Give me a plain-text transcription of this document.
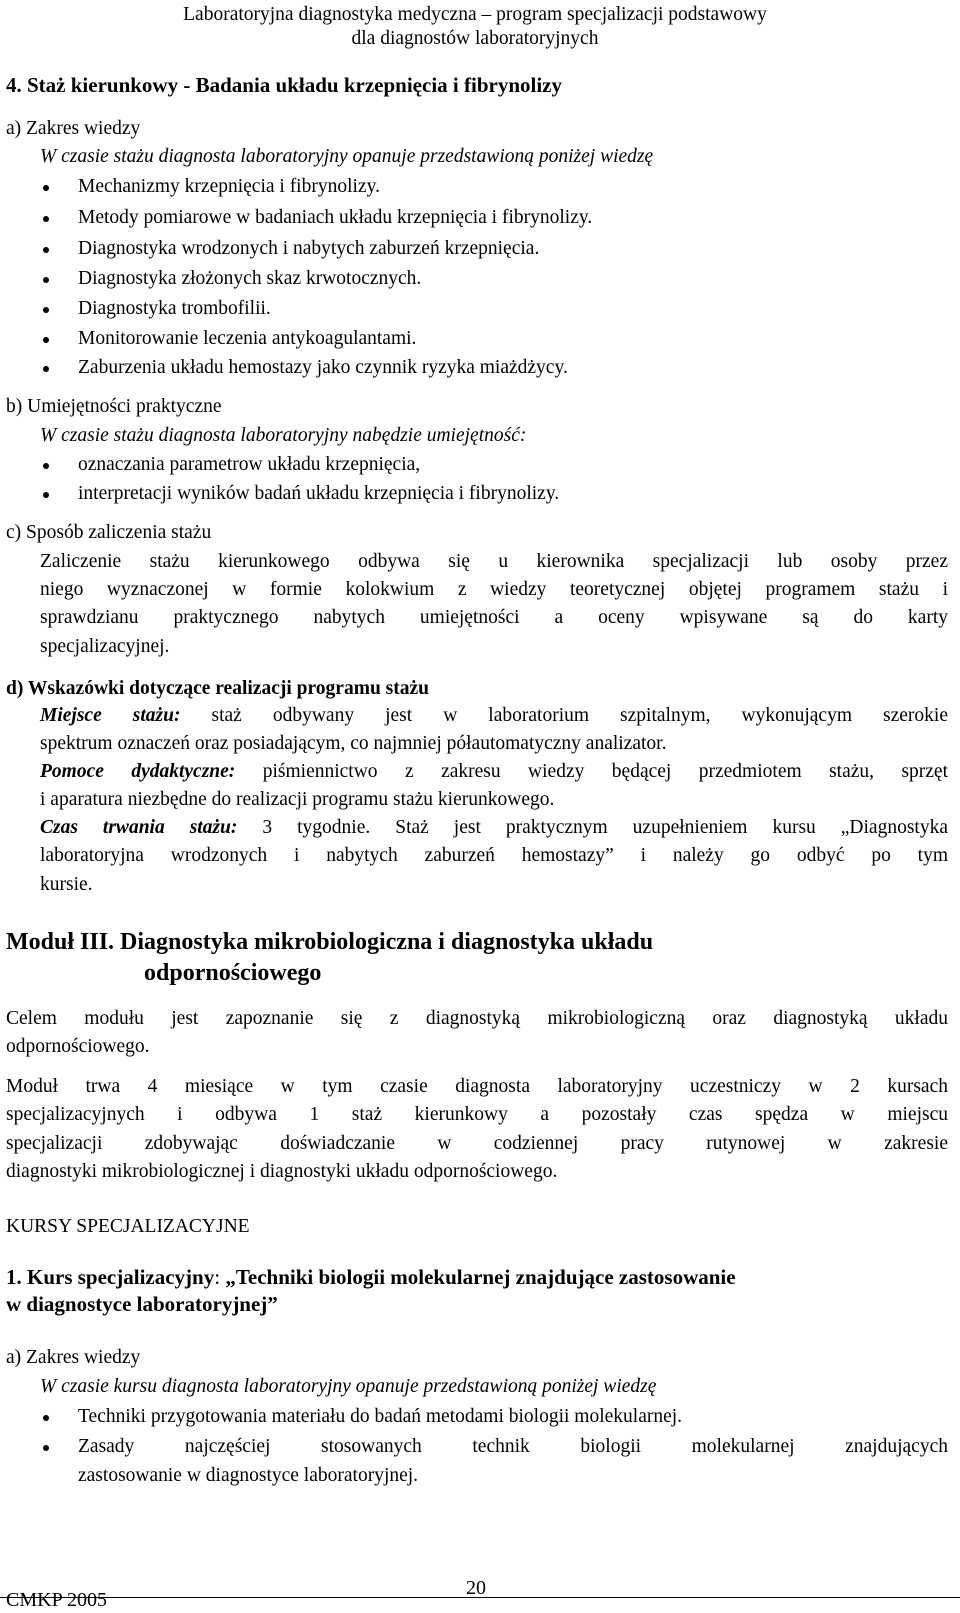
Laboratoryjna diagnostyka medyczna – program specjalizacji podstawowy
dla diagnostów laboratoryjnych
4. Staż kierunkowy - Badania układu krzepnięcia i fibrynolizy
a) Zakres wiedzy
W czasie stażu diagnosta laboratoryjny opanuje przedstawioną poniżej wiedzę
Mechanizmy krzepnięcia i fibrynolizy.
Metody pomiarowe w badaniach układu krzepnięcia i fibrynolizy.
Diagnostyka wrodzonych i nabytych zaburzeń krzepnięcia.
Diagnostyka złożonych skaz krwotocznych.
Diagnostyka trombofilii.
Monitorowanie leczenia antykoagulantami.
Zaburzenia układu hemostazy jako czynnik ryzyka miażdżycy.
b) Umiejętności praktyczne
W czasie stażu diagnosta laboratoryjny nabędzie umiejętność:
oznaczania parametrow układu krzepnięcia,
interpretacji wyników badań układu krzepnięcia i fibrynolizy.
c) Sposób zaliczenia stażu
Zaliczenie stażu kierunkowego odbywa się u kierownika specjalizacji lub osoby przez
niego wyznaczonej w formie kolokwium z wiedzy teoretycznej objętej programem stażu i
sprawdzianu praktycznego nabytych umiejętności a oceny wpisywane są do karty
specjalizacyjnej.
d) Wskazówki dotyczące realizacji programu stażu
Miejsce stażu: staż odbywany jest w laboratorium szpitalnym, wykonującym szerokie
spektrum oznaczeń oraz posiadającym, co najmniej półautomatyczny analizator.
Pomoce dydaktyczne: piśmiennictwo z zakresu wiedzy będącej przedmiotem stażu, sprzęt
i aparatura niezbędne do realizacji programu stażu kierunkowego.
Czas trwania stażu: 3 tygodnie. Staż jest praktycznym uzupełnieniem kursu „Diagnostyka
laboratoryjna wrodzonych i nabytych zaburzeń hemostazy” i należy go odbyć po tym
kursie.
Moduł III. Diagnostyka mikrobiologiczna i diagnostyka układu
odpornościowego
Celem modułu jest zapoznanie się z diagnostyką mikrobiologiczną oraz diagnostyką układu
odpornościowego.
Moduł trwa 4 miesiące w tym czasie diagnosta laboratoryjny uczestniczy w 2 kursach
specjalizacyjnych i odbywa 1 staż kierunkowy a pozostały czas spędza w miejscu
specjalizacji zdobywając doświadczanie w codziennej pracy rutynowej w zakresie
diagnostyki mikrobiologicznej i diagnostyki układu odpornościowego.
KURSY SPECJALIZACYJNE
1. Kurs specjalizacyjny: „Techniki biologii molekularnej znajdujące zastosowanie
w diagnostyce laboratoryjnej”
a) Zakres wiedzy
W czasie kursu diagnosta laboratoryjny opanuje przedstawioną poniżej wiedzę
Techniki przygotowania materiału do badań metodami biologii molekularnej.
Zasady najczęściej stosowanych technik biologii molekularnej znajdujących
zastosowanie w diagnostyce laboratoryjnej.
CMKP 2005
20
